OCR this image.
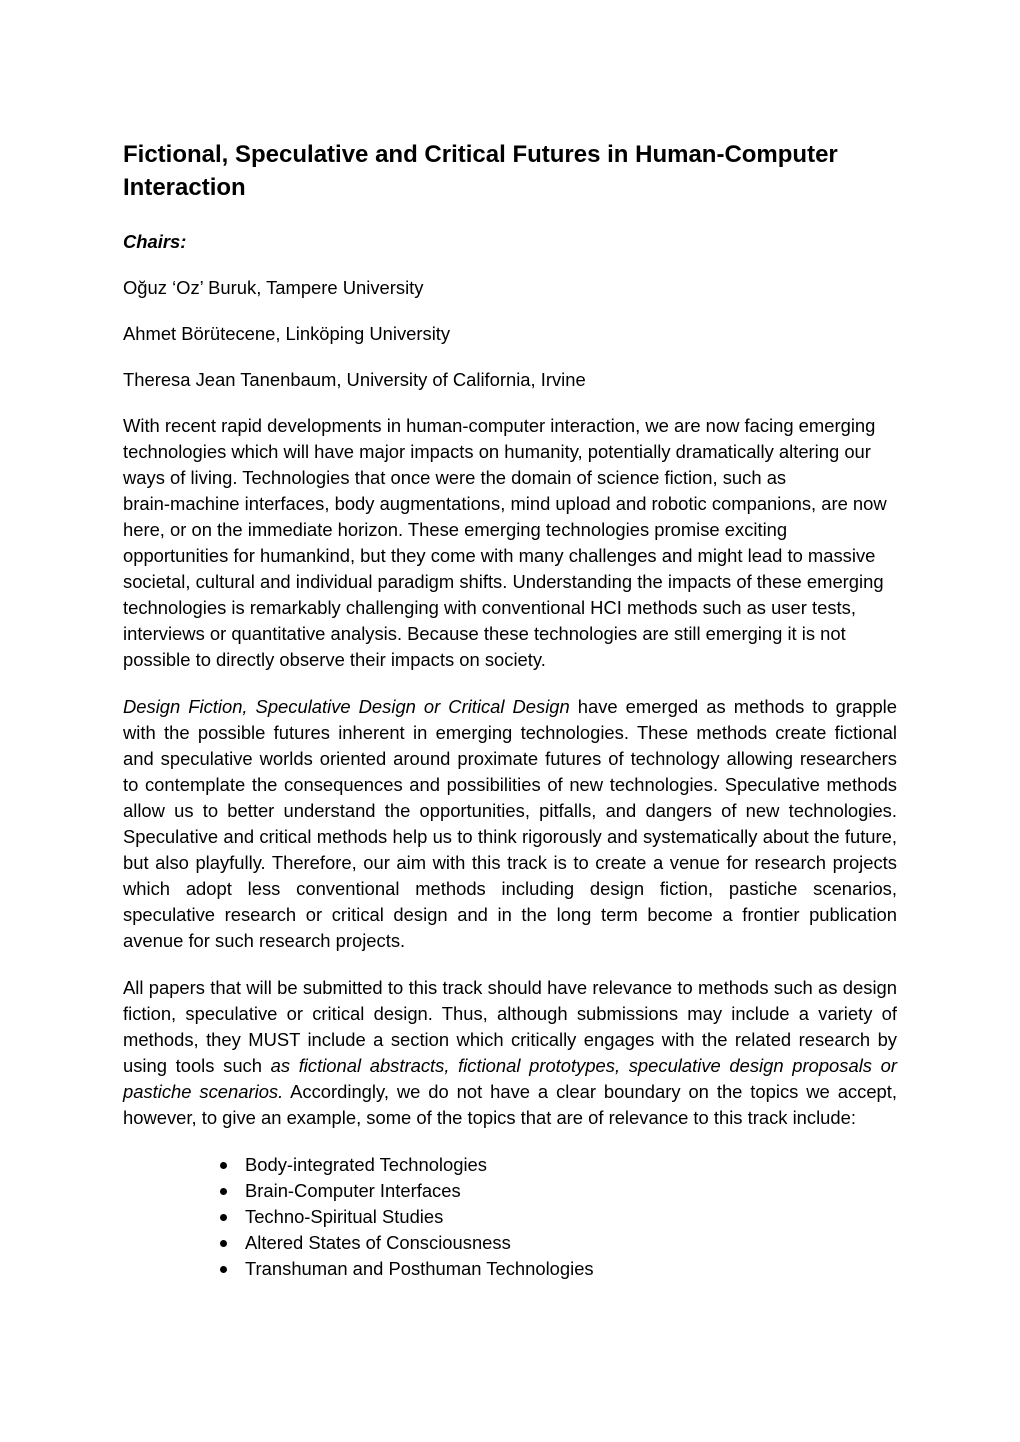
Fictional, Speculative and Critical Futures in Human-Computer Interaction

Chairs:

Oğuz ‘Oz’ Buruk, Tampere University

Ahmet Börütecene, Linköping University

Theresa Jean Tanenbaum, University of California, Irvine

With recent rapid developments in human-computer interaction, we are now facing emerging technologies which will have major impacts on humanity, potentially dramatically altering our ways of living. Technologies that once were the domain of science fiction, such as brain‑machine interfaces, body augmentations, mind upload and robotic companions, are now here, or on the immediate horizon. These emerging technologies promise exciting opportunities for humankind, but they come with many challenges and might lead to massive societal, cultural and individual paradigm shifts. Understanding the impacts of these emerging technologies is remarkably challenging with conventional HCI methods such as user tests, interviews or quantitative analysis. Because these technologies are still emerging it is not possible to directly observe their impacts on society.

Design Fiction, Speculative Design or Critical Design have emerged as methods to grapple with the possible futures inherent in emerging technologies. These methods create fictional and speculative worlds oriented around proximate futures of technology allowing researchers to contemplate the consequences and possibilities of new technologies. Speculative methods allow us to better understand the opportunities, pitfalls, and dangers of new technologies. Speculative and critical methods help us to think rigorously and systematically about the future, but also playfully. Therefore, our aim with this track is to create a venue for research projects which adopt less conventional methods including design fiction, pastiche scenarios, speculative research or critical design and in the long term become a frontier publication avenue for such research projects.

All papers that will be submitted to this track should have relevance to methods such as design fiction, speculative or critical design. Thus, although submissions may include a variety of methods, they MUST include a section which critically engages with the related research by using tools such as fictional abstracts, fictional prototypes, speculative design proposals or pastiche scenarios. Accordingly, we do not have a clear boundary on the topics we accept, however, to give an example, some of the topics that are of relevance to this track include:

Body-integrated Technologies
Brain-Computer Interfaces
Techno-Spiritual Studies
Altered States of Consciousness
Transhuman and Posthuman Technologies
